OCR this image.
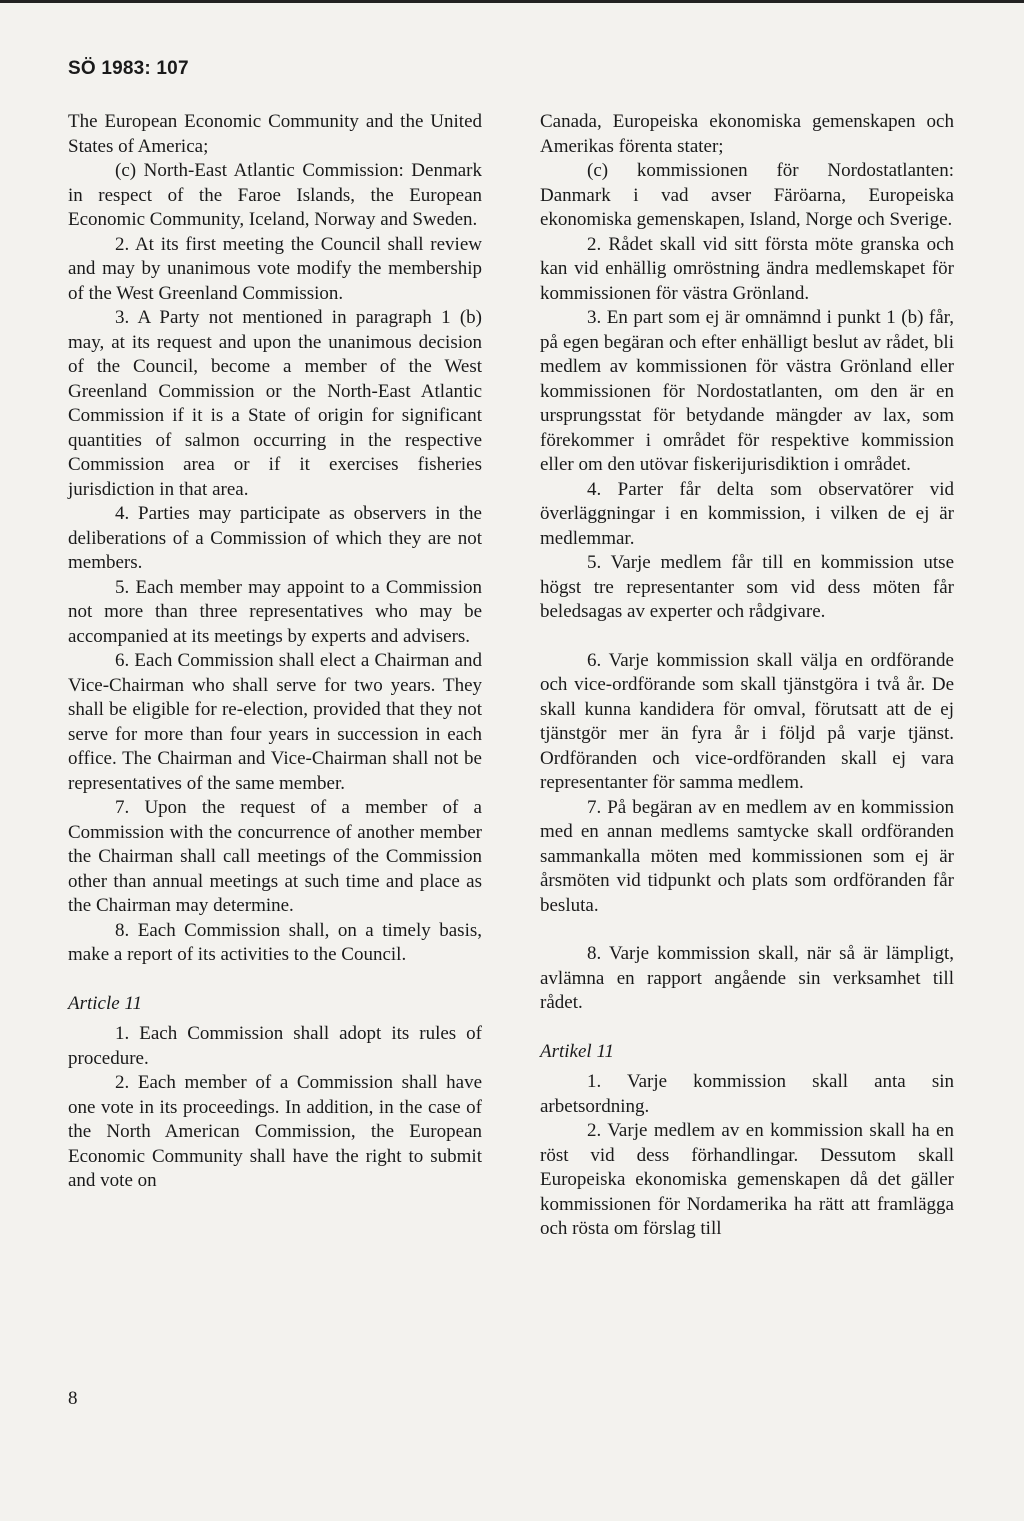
SÖ 1983: 107

The European Economic Community and the United States of America;

(c) North-East Atlantic Commission: Denmark in respect of the Faroe Islands, the European Economic Community, Iceland, Norway and Sweden.

2. At its first meeting the Council shall review and may by unanimous vote modify the membership of the West Greenland Commission.

3. A Party not mentioned in paragraph 1 (b) may, at its request and upon the unanimous decision of the Council, become a member of the West Greenland Commission or the North-East Atlantic Commission if it is a State of origin for significant quantities of salmon occurring in the respective Commission area or if it exercises fisheries jurisdiction in that area.

4. Parties may participate as observers in the deliberations of a Commission of which they are not members.

5. Each member may appoint to a Commission not more than three representatives who may be accompanied at its meetings by experts and advisers.

6. Each Commission shall elect a Chairman and Vice-Chairman who shall serve for two years. They shall be eligible for re-election, provided that they not serve for more than four years in succession in each office. The Chairman and Vice-Chairman shall not be representatives of the same member.

7. Upon the request of a member of a Commission with the concurrence of another member the Chairman shall call meetings of the Commission other than annual meetings at such time and place as the Chairman may determine.

8. Each Commission shall, on a timely basis, make a report of its activities to the Council.

Article 11

1. Each Commission shall adopt its rules of procedure.

2. Each member of a Commission shall have one vote in its proceedings. In addition, in the case of the North American Commission, the European Economic Community shall have the right to submit and vote on

Canada, Europeiska ekonomiska gemenskapen och Amerikas förenta stater;

(c) kommissionen för Nordostatlanten: Danmark i vad avser Färöarna, Europeiska ekonomiska gemenskapen, Island, Norge och Sverige.

2. Rådet skall vid sitt första möte granska och kan vid enhällig omröstning ändra medlemskapet för kommissionen för västra Grönland.

3. En part som ej är omnämnd i punkt 1 (b) får, på egen begäran och efter enhälligt beslut av rådet, bli medlem av kommissionen för västra Grönland eller kommissionen för Nordostatlanten, om den är en ursprungsstat för betydande mängder av lax, som förekommer i området för respektive kommission eller om den utövar fiskerijurisdiktion i området.

4. Parter får delta som observatörer vid överläggningar i en kommission, i vilken de ej är medlemmar.

5. Varje medlem får till en kommission utse högst tre representanter som vid dess möten får beledsagas av experter och rådgivare.

6. Varje kommission skall välja en ordförande och vice-ordförande som skall tjänstgöra i två år. De skall kunna kandidera för omval, förutsatt att de ej tjänstgör mer än fyra år i följd på varje tjänst. Ordföranden och vice-ordföranden skall ej vara representanter för samma medlem.

7. På begäran av en medlem av en kommission med en annan medlems samtycke skall ordföranden sammankalla möten med kommissionen som ej är årsmöten vid tidpunkt och plats som ordföranden får besluta.

8. Varje kommission skall, när så är lämpligt, avlämna en rapport angående sin verksamhet till rådet.

Artikel 11

1. Varje kommission skall anta sin arbetsordning.

2. Varje medlem av en kommission skall ha en röst vid dess förhandlingar. Dessutom skall Europeiska ekonomiska gemenskapen då det gäller kommissionen för Nordamerika ha rätt att framlägga och rösta om förslag till

8
